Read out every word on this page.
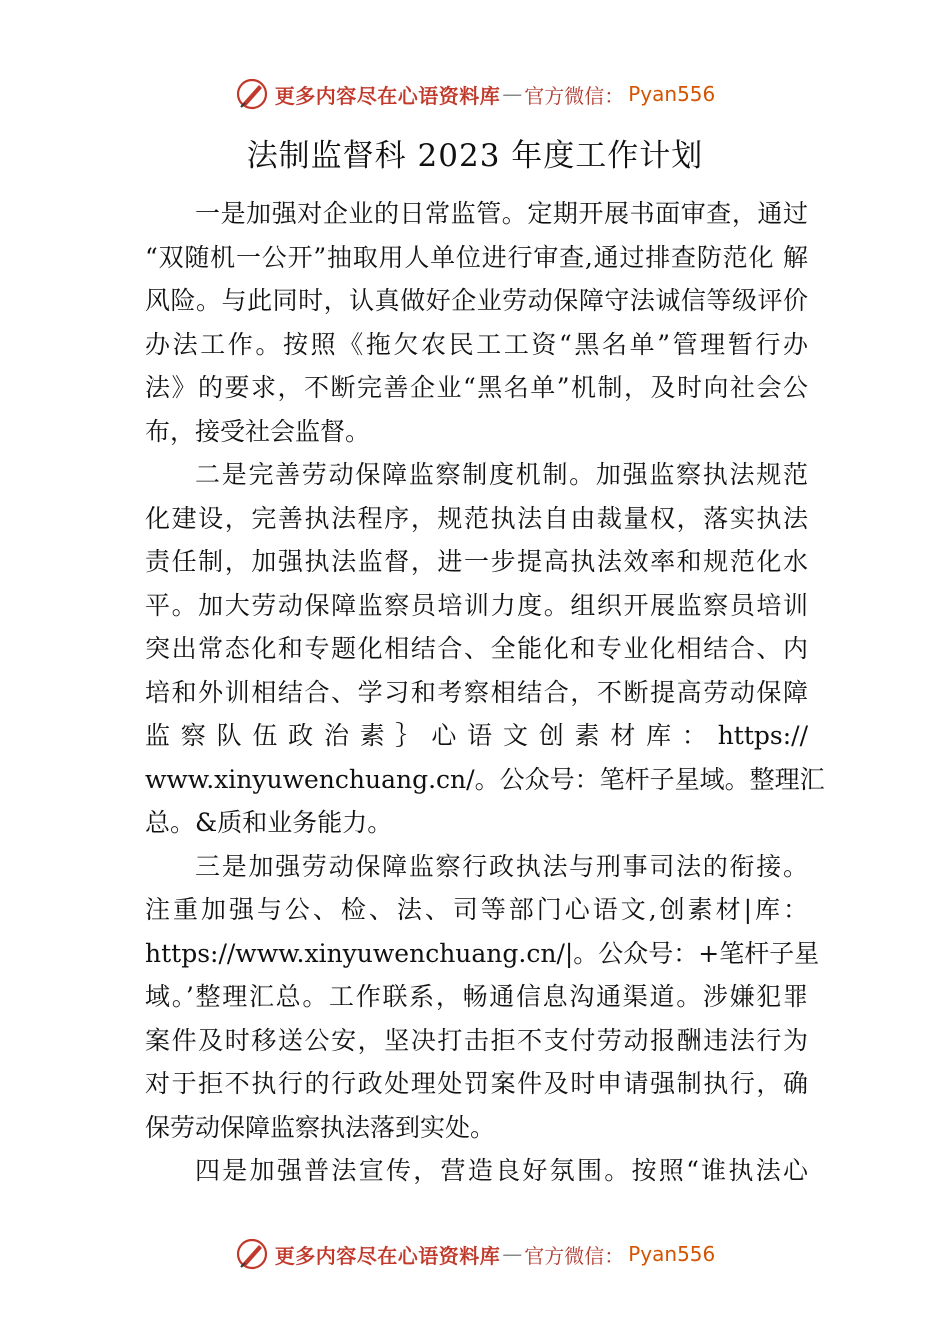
更多内容尽在心语资料库 — 官方微信： Pyan556
法制监督科 2023 年度工作计划

一是加强对企业的日常监管。定期开展书面审查，通过
“双随机一公开”抽取用人单位进行审查,通过排查防范化 解
风险。与此同时，认真做好企业劳动保障守法诚信等级评价
办法工作。按照《拖欠农民工工资“黑名单”管理暂行办
法》的要求，不断完善企业“黑名单”机制，及时向社会公
布，接受社会监督。

二是完善劳动保障监察制度机制。加强监察执法规范
化建设，完善执法程序，规范执法自由裁量权，落实执法
责任制，加强执法监督，进一步提高执法效率和规范化水
平。加大劳动保障监察员培训力度。组织开展监察员培训
突出常态化和专题化相结合、全能化和专业化相结合、内
培和外训相结合、学习和考察相结合，不断提高劳动保障
监察队伍政治素｝心语文创素材库：https://
www.xinyuwenchuang.cn/。公众号：笔杆子星域。整理汇
总。&质和业务能力。

三是加强劳动保障监察行政执法与刑事司法的衔接。
注重加强与公、检、法、司等部门心语文,创素材|库：
https://www.xinyuwenchuang.cn/|。公众号：+笔杆子星
域。’整理汇总。工作联系，畅通信息沟通渠道。涉嫌犯罪
案件及时移送公安，坚决打击拒不支付劳动报酬违法行为
对于拒不执行的行政处理处罚案件及时申请强制执行，确
保劳动保障监察执法落到实处。

四是加强普法宣传，营造良好氛围。按照“谁执法心

更多内容尽在心语资料库 — 官方微信： Pyan556
